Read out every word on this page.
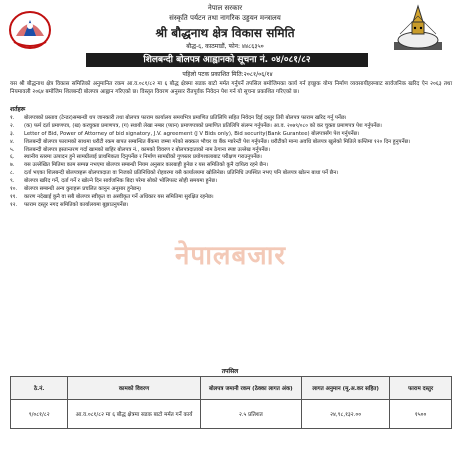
नेपाल सरकार
संस्कृति पर्यटन तथा नागरिक उड्डयन मन्त्रालय
श्री बौद्धनाथ क्षेत्र विकास समिति
बौद्ध-६, काठमाडौं, फोन: ४४८६३५०
शिलबन्दी बोलपत्र आह्वानको सूचना नं. ०४/०८१/८२
पहिलो पटक प्रकाशित मिति:२०८१/०६/१४
यस श्री बौद्धनाथ क्षेत्र विकास समितिको अनुमानित रकम आ.व.०८१/८२ मा ६ बौद्ध क्षेत्रमा सडक बाटो मर्मत गर्नुपर्ने तपसिल बमोजिमका कार्य गर्न इच्छुक योग्य निर्माण व्यवसायीहरूबाट सार्वजनिक खरिद ऐन २०६३ तथा नियमावली २०६४ बमोजिम शिलबन्दी बोलपत्र आह्वान गरिएको छ। विस्तृत विवरण अनुसार रीतपूर्वक निवेदन पेश गर्न यो सूचना प्रकाशित गरिएको छ।
शर्तहरू
१. बोलपत्रको प्रस्ताव (टेन्डर)सम्बन्धी थप जानकारी तथा बोलपत्र फाराम कार्यालय समयभित्र प्रमाणित प्रतिलिपि सहित निवेदन दिई दस्तुर तिरी बोलपत्र फाराम खरिद गर्नु पर्नेछ।
२. (क) फर्म दर्ता प्रमाणपत्र, (ख) करचुक्ता प्रमाणपत्र, (ग) स्थायी लेखा नम्बर (प्यान) प्रमाणपत्रको प्रमाणित प्रतिलिपि संलग्न गर्नुपर्नेछ। आ.व. २०७९/०८० को कर चुक्ता प्रमाणपत्र पेश गर्नुपर्नेछ।
३. Letter of Bid, Power of Attorney of bid signatory, J.V. agreement (J V Bids only), Bid security(Bank Gurantee) बोलपत्रसँग पेश गर्नुपर्नेछ।
४. शिलबन्दी बोलपत्र फारामको साथमा धरौटी रकम बापत सम्बन्धित बैंकमा जम्मा गरेको सक्कल भौचर वा बैंक ग्यारेन्टी पेश गर्नुपर्नेछ। धरौटीको मान्य अवधि बोलपत्र खुलेको मितिले कम्तिमा १२० दिन हुनुपर्नेछ।
५. शिलबन्दी बोलपत्र इस्तान्तरण गर्दा खामको बाहिर बोलपत्र नं., कामको विवरण र बोलपत्रदाताको नाम ठेगाना स्पष्ट उल्लेख गर्नुपर्नेछ।
६. स्थानीय स्तरमा उत्पादन हुने सामग्रीलाई प्राथमिकता दिनुपर्नेछ र निर्माण सामग्रीको गुणस्तर प्रयोगशालाबाट परीक्षण गराउनुपर्नेछ।
७. यस उल्लेखित मितिमा काम सम्पन्न नभएमा बोलपत्र सम्बन्धी नियम अनुसार कारबाही हुनेछ र यस समितिको कुनै दायित्व रहने छैन।
८. दर्ता भएका शिलबन्दी बोलपत्रहरू बोलपत्रदाता वा निजको प्रतिनिधिको रोहवरमा यसै कार्यालयमा खोलिनेछ। प्रतिनिधि उपस्थित नभए पनि बोलपत्र खोल्न बाधा पर्ने छैन।
९. बोलपत्र खरिद गर्ने, दर्ता गर्ने र खोल्ने दिन सार्वजनिक बिदा परेमा सोको भोलिपल्ट सोही समयमा हुनेछ।
१०. बोलपत्र सम्बन्धी अन्य कुराहरू प्रचलित कानुन अनुसार हुनेछन्।
११. कारण नदेखाई कुनै वा सबै बोलपत्र स्वीकृत वा अस्वीकृत गर्ने अधिकार यस समितिमा सुरक्षित रहनेछ।
१२. फाराम दस्तुर नगद समितिको कार्यालयमा बुझाउनुपर्नेछ।
नेपालबजार
तपसिल
ठे.नं.	कामको विवरण	बोलपत्र जमानी रकम (ठेक्का लागत अंक)	लागत अनुमान (मू.अ.कर सहित)	फाराम दस्तुर
९/०८१/८२	आ.व.०८१/८२ मा ६ बौद्ध क्षेत्रमा सडक बाटो मर्मत गर्ने कार्य	२.५ प्रतिशत	२४,९८,१३२.००	१५००
